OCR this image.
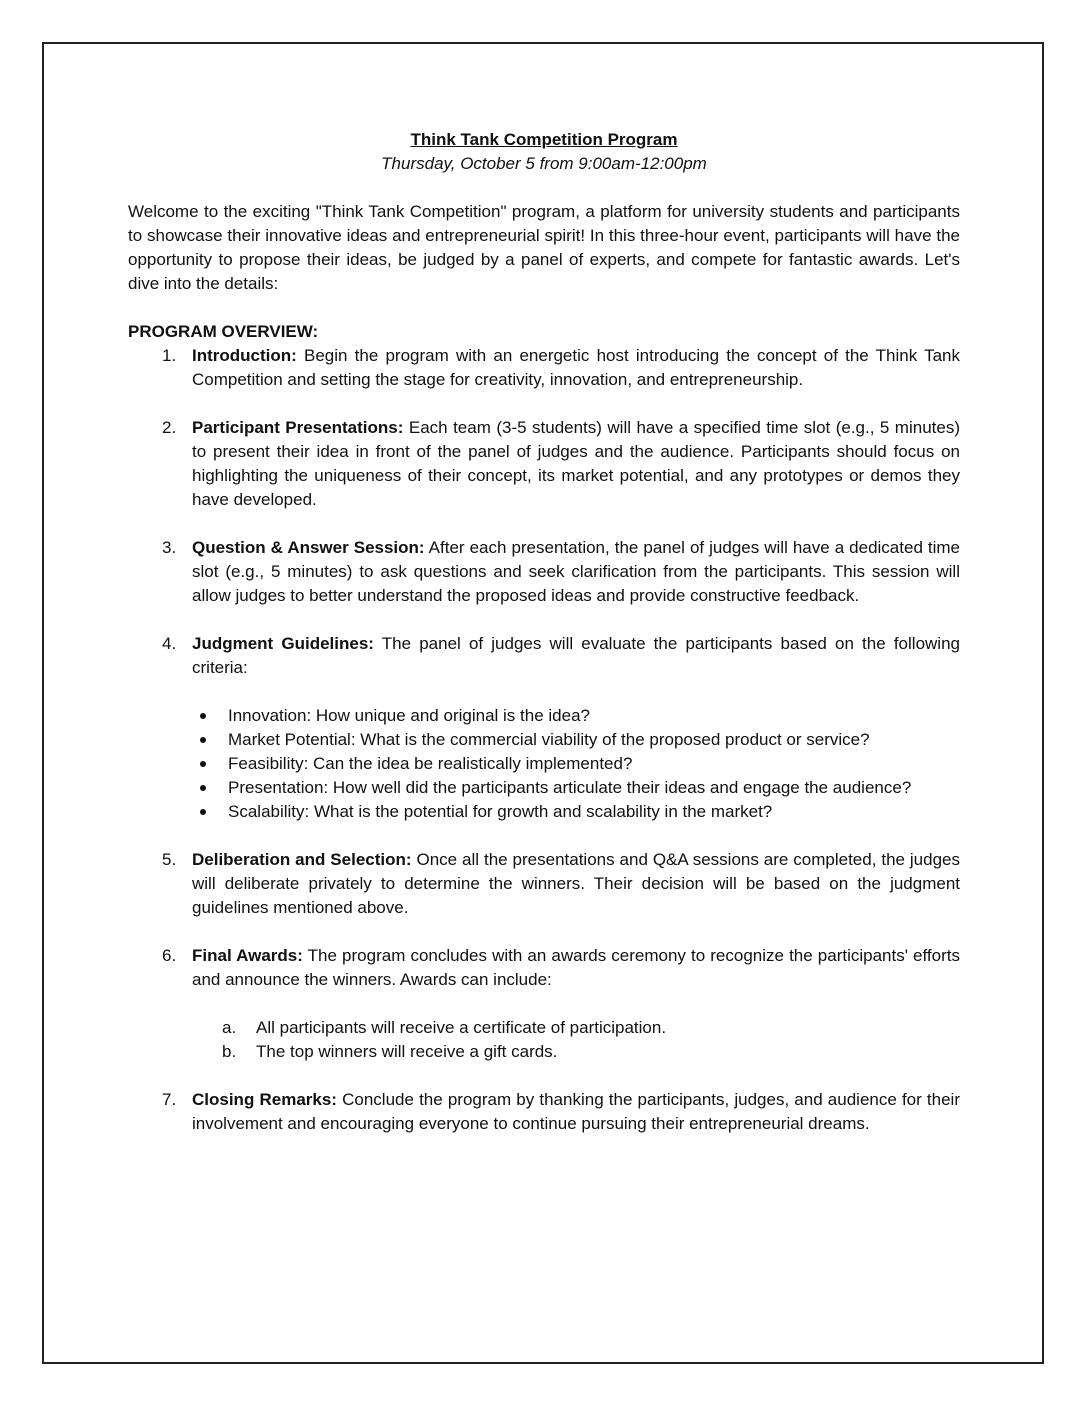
Think Tank Competition Program

Thursday, October 5 from 9:00am-12:00pm

Welcome to the exciting "Think Tank Competition" program, a platform for university students and participants to showcase their innovative ideas and entrepreneurial spirit! In this three-hour event, participants will have the opportunity to propose their ideas, be judged by a panel of experts, and compete for fantastic awards. Let's dive into the details:

PROGRAM OVERVIEW:

1. Introduction: Begin the program with an energetic host introducing the concept of the Think Tank Competition and setting the stage for creativity, innovation, and entrepreneurship.
2. Participant Presentations: Each team (3-5 students) will have a specified time slot (e.g., 5 minutes) to present their idea in front of the panel of judges and the audience. Participants should focus on highlighting the uniqueness of their concept, its market potential, and any prototypes or demos they have developed.
3. Question & Answer Session: After each presentation, the panel of judges will have a dedicated time slot (e.g., 5 minutes) to ask questions and seek clarification from the participants. This session will allow judges to better understand the proposed ideas and provide constructive feedback.
4. Judgment Guidelines: The panel of judges will evaluate the participants based on the following criteria:
Innovation: How unique and original is the idea?
Market Potential: What is the commercial viability of the proposed product or service?
Feasibility: Can the idea be realistically implemented?
Presentation: How well did the participants articulate their ideas and engage the audience?
Scalability: What is the potential for growth and scalability in the market?
5. Deliberation and Selection: Once all the presentations and Q&A sessions are completed, the judges will deliberate privately to determine the winners. Their decision will be based on the judgment guidelines mentioned above.
6. Final Awards: The program concludes with an awards ceremony to recognize the participants' efforts and announce the winners. Awards can include:
a. All participants will receive a certificate of participation.
b. The top winners will receive a gift cards.
7. Closing Remarks: Conclude the program by thanking the participants, judges, and audience for their involvement and encouraging everyone to continue pursuing their entrepreneurial dreams.
